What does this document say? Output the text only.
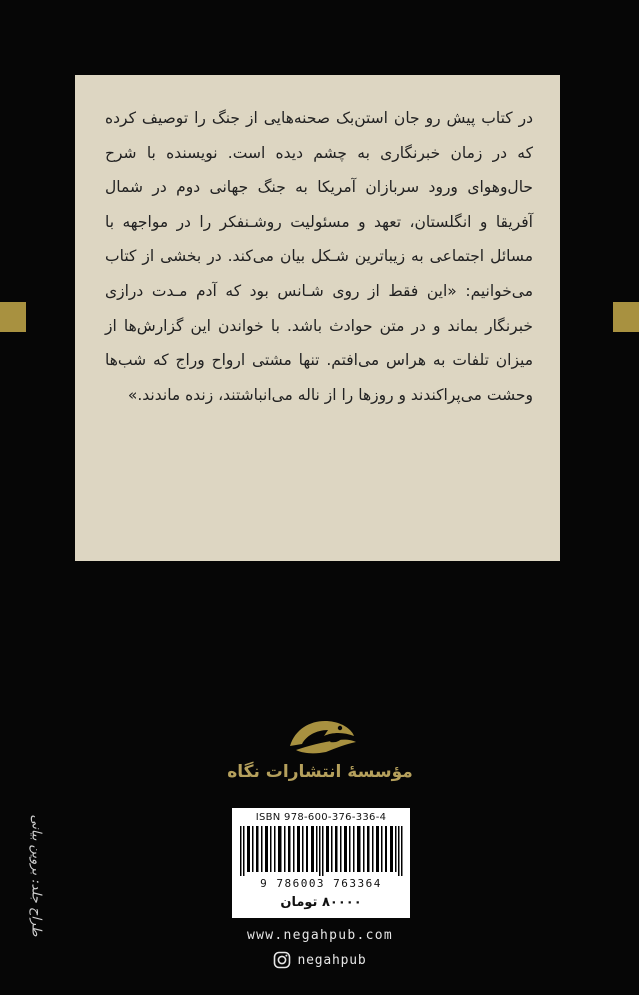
در کتاب پیش رو جان استن‌بک صحنه‌هایی از جنگ را توصیف کرده که در زمان خبرنگاری به چشم دیده است. نویسنده با شرح حال‌وهوای ورود سربازان آمریکا به جنگ جهانی دوم در شمال آفریقا و انگلستان، تعهد و مسئولیت روشـنفکر را در مواجهه با مسائل اجتماعی به زیباترین شـکل بیان می‌کند. در بخشی از کتاب می‌خوانیم: «این فقط از روی شـانس بود که آدم مـدت درازی خبرنگار بماند و در متن حوادث باشد. با خواندن این گزارش‌ها از میزان تلفات به هراس می‌افتم. تنها مشتی ارواح وراج که شب‌ها وحشت می‌پراکندند و روزها را از ناله می‌انباشتند، زنده ماندند.»

مؤسسهٔ انتشارات نگاه
ISBN 978-600-376-336-4
9 786003 763364
۸۰۰۰۰ تومان
www.negahpub.com
negahpub
طراح جلد: بروین بیانی
